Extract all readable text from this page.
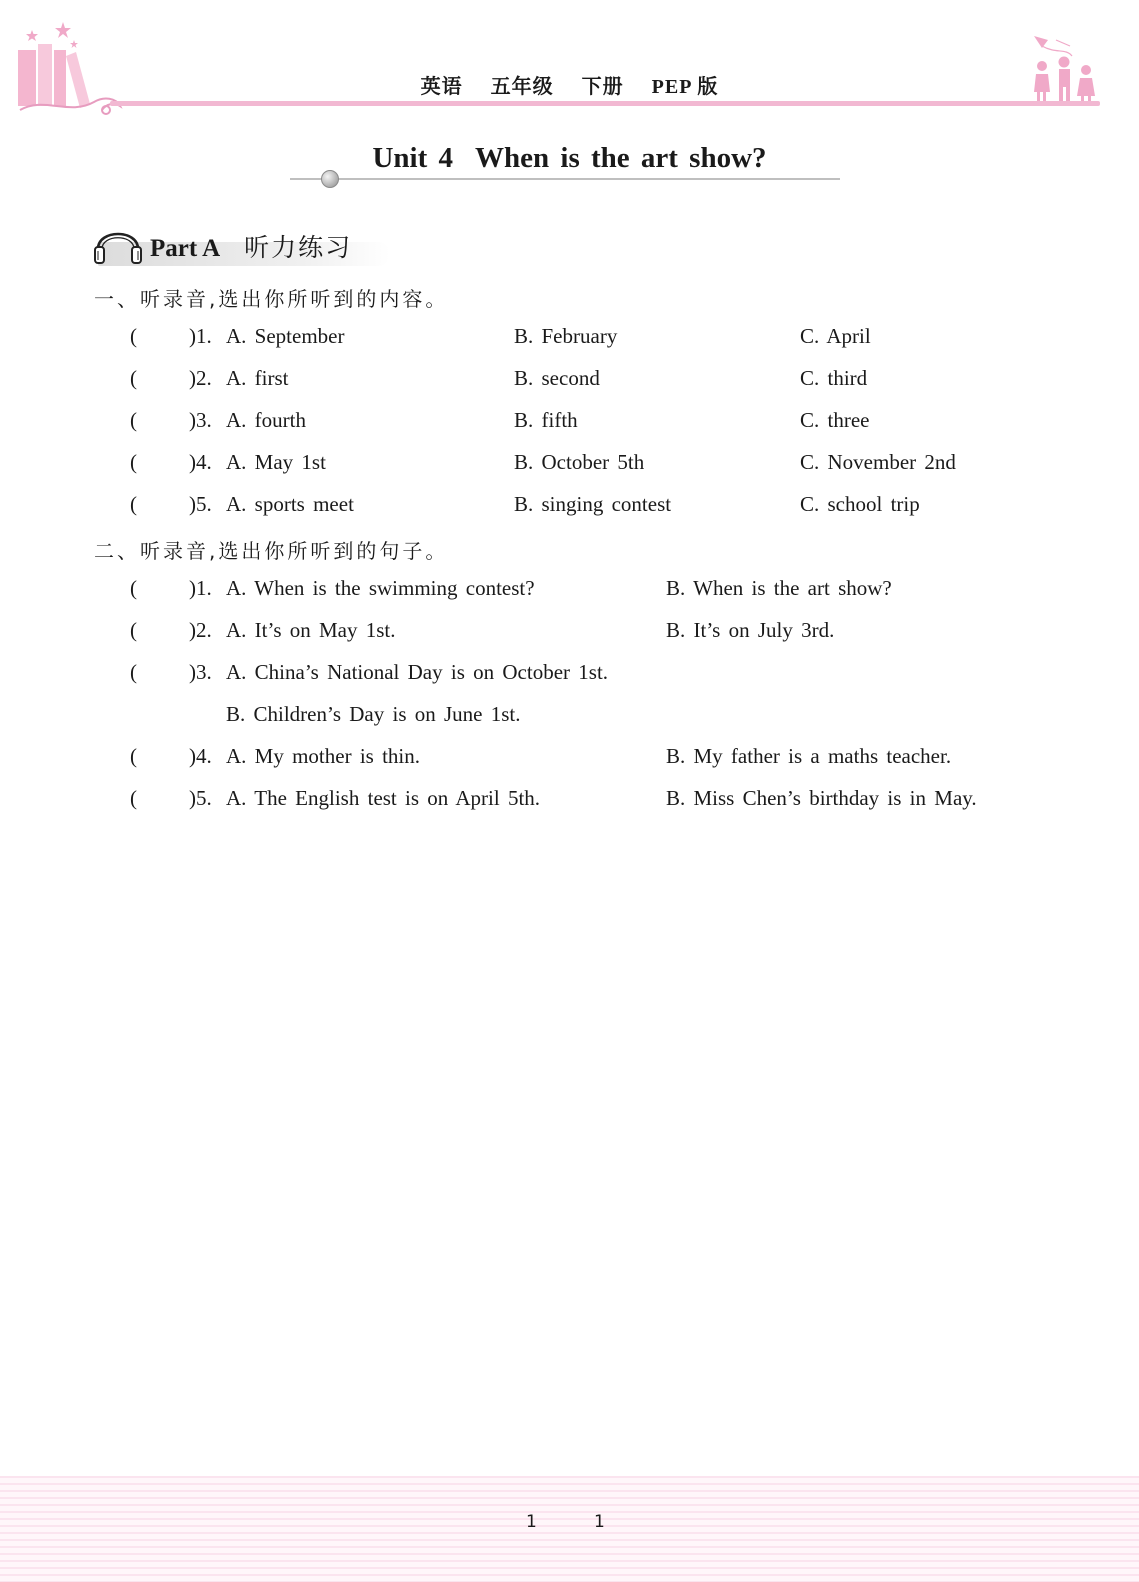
英语 五年级 下册 PEP 版
Unit 4 When is the art show?
Part A 听力练习
一、听录音,选出你所听到的内容。
( )1. A. September	B. February	C. April
( )2. A. first	B. second	C. third
( )3. A. fourth	B. fifth	C. three
( )4. A. May 1st	B. October 5th	C. November 2nd
( )5. A. sports meet	B. singing contest	C. school trip
二、听录音,选出你所听到的句子。
( )1. A. When is the swimming contest?	B. When is the art show?
( )2. A. It’s on May 1st.	B. It’s on July 3rd.
( )3. A. China’s National Day is on October 1st.
B. Children’s Day is on June 1st.
( )4. A. My mother is thin.	B. My father is a maths teacher.
( )5. A. The English test is on April 5th.	B. Miss Chen’s birthday is in May.
1	1
